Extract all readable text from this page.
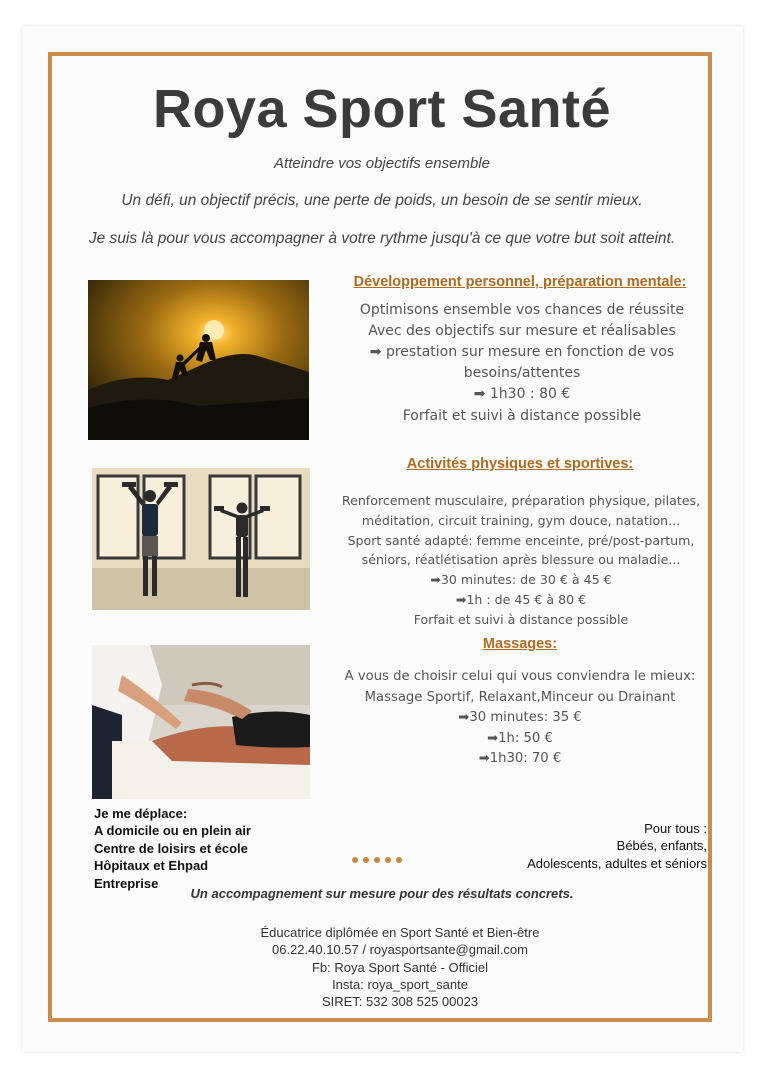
Roya Sport Santé
Atteindre vos objectifs ensemble
Un défi, un objectif précis, une perte de poids, un besoin de se sentir mieux.
Je suis là pour vous accompagner à votre rythme jusqu'à ce que votre but soit atteint.
Développement personnel, préparation mentale:
Optimisons ensemble vos chances de réussite
Avec des objectifs sur mesure et réalisables
➡ prestation sur mesure en fonction de vos
besoins/attentes
➡ 1h30 : 80 €
Forfait et suivi à distance possible
Activités physiques et sportives:
Renforcement musculaire, préparation physique, pilates,
méditation, circuit training, gym douce, natation...
Sport santé adapté: femme enceinte, pré/post-partum,
séniors, réatlétisation après blessure ou maladie...
➡30 minutes: de 30 € à 45 €
➡1h : de 45 € à 80 €
Forfait et suivi à distance possible
Massages:
A vous de choisir celui qui vous conviendra le mieux:
Massage Sportif, Relaxant,Minceur ou Drainant
➡30 minutes: 35 €
➡1h: 50 €
➡1h30: 70 €
Je me déplace:
A domicile ou en plein air
Centre de loisirs et école
Hôpitaux et Ehpad
Entreprise
Pour tous :
Bébés, enfants,
Adolescents, adultes et séniors
Un accompagnement sur mesure pour des résultats concrets.
Éducatrice diplômée en Sport Santé et Bien-être
06.22.40.10.57 / royasportsante@gmail.com
Fb: Roya Sport Santé - Officiel
Insta: roya_sport_sante
SIRET: 532 308 525 00023
